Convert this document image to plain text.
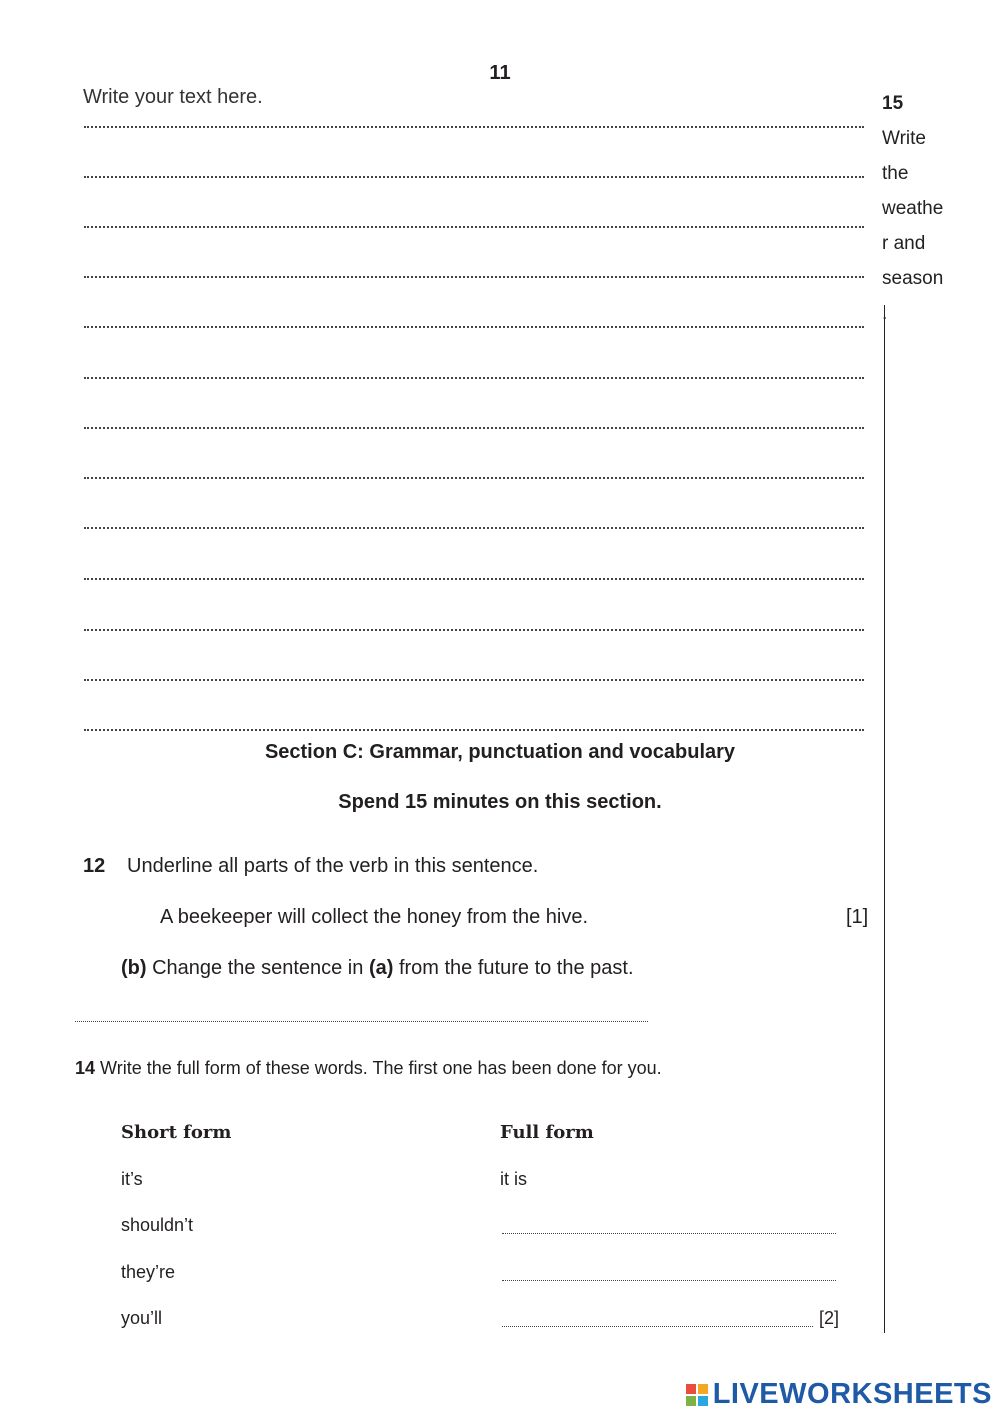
11
Write your text here.	15
Write
the
weathe
r and
season
.
Section C: Grammar, punctuation and vocabulary
Spend 15 minutes on this section.
12 Underline all parts of the verb in this sentence.
A beekeeper will collect the honey from the hive.	[1]
(b) Change the sentence in (a) from the future to the past.
14 Write the full form of these words. The first one has been done for you.
Short form	Full form
it’s	it is
shouldn’t
they’re
you’ll	[2]
LIVEWORKSHEETS
